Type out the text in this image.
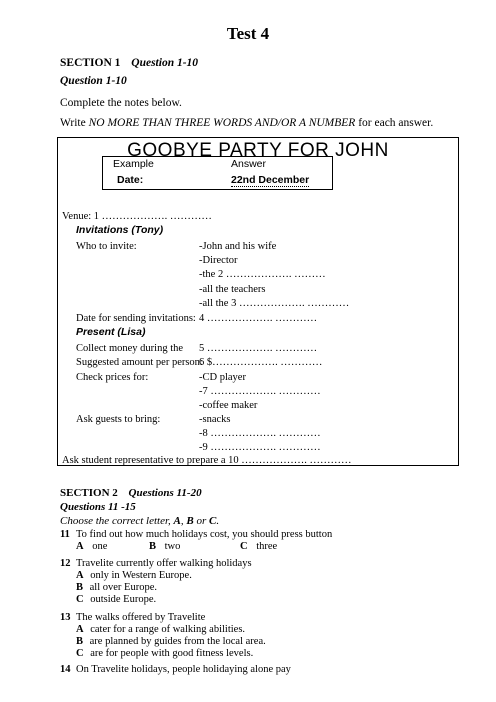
Test 4
SECTION 1 Question 1-10
Question 1-10
Complete the notes below.
Write NO MORE THAN THREE WORDS AND/OR A NUMBER for each answer.
GOOBYE PARTY FOR JOHN
Example	Answer
Date:	22nd December
Venue: 1 ………………. …………
Invitations (Tony)
Who to invite:	-John and his wife
-Director
-the 2 ………………. ………
-all the teachers
-all the 3 ………………. …………
Date for sending invitations: 4 ………………. …………
Present (Lisa)
Collect money during the 5 ………………. …………
Suggested amount per person:
6 $………………. …………
Check prices for:	-CD player
-7 ………………. …………
-coffee maker
Ask guests to bring:	-snacks
-8 ………………. …………
-9 ………………. …………
Ask student representative to prepare a 10 ………………. …………
SECTION 2 Questions 11-20
Questions 11 -15
Choose the correct letter, A, B or C.
11 To find out how much holidays cost, you should press button
A one	B two	C three
12 Travelite currently offer walking holidays
A only in Western Europe.
B all over Europe.
C outside Europe.
13 The walks offered by Travelite
A cater for a range of walking abilities.
B are planned by guides from the local area.
C are for people with good fitness levels.
14 On Travelite holidays, people holidaying alone pay
